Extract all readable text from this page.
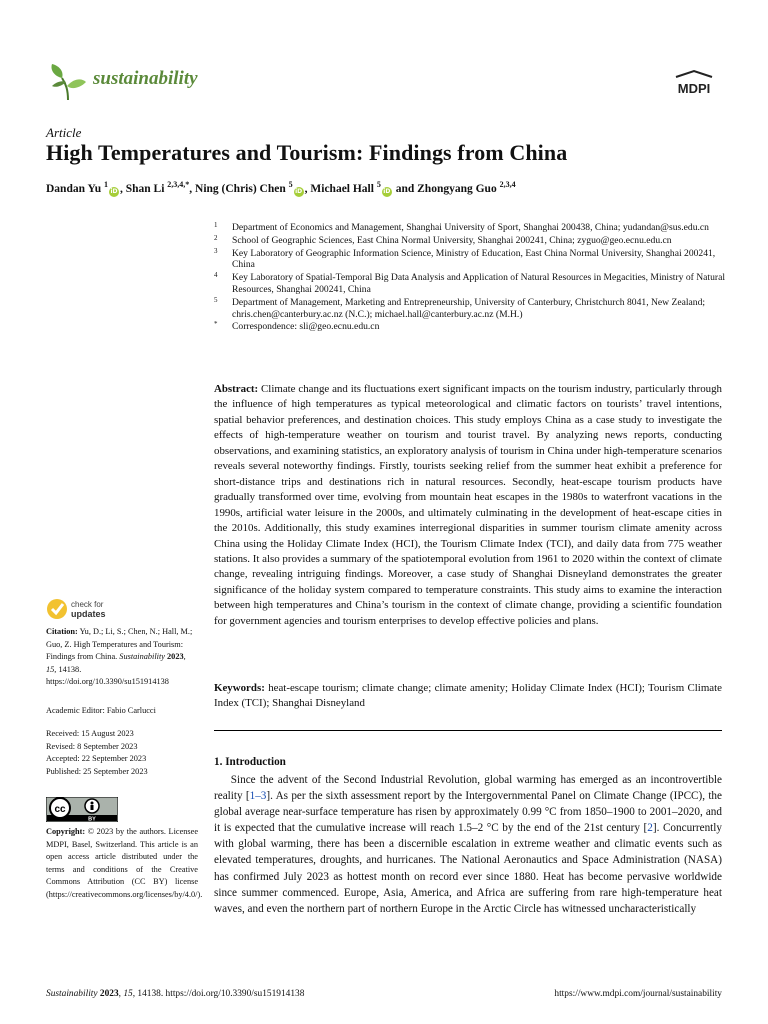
sustainability	MDPI
Article
High Temperatures and Tourism: Findings from China
Dandan Yu $^1$iD , Shan Li $^{2,3,4,*}$, Ning (Chris) Chen $^5$iD , Michael Hall $^5$iD and Zhongyang Guo $^{2,3,4}$
1 Department of Economics and Management, Shanghai University of Sport, Shanghai 200438, China; yudandan@sus.edu.cn
2 School of Geographic Sciences, East China Normal University, Shanghai 200241, China; zyguo@geo.ecnu.edu.cn
3 Key Laboratory of Geographic Information Science, Ministry of Education, East China Normal University, Shanghai 200241, China
4 Key Laboratory of Spatial-Temporal Big Data Analysis and Application of Natural Resources in Megacities, Ministry of Natural Resources, Shanghai 200241, China
5 Department of Management, Marketing and Entrepreneurship, University of Canterbury, Christchurch 8041, New Zealand; chris.chen@canterbury.ac.nz (N.C.); michael.hall@canterbury.ac.nz (M.H.)
* Correspondence: sli@geo.ecnu.edu.cn
Abstract: Climate change and its fluctuations exert significant impacts on the tourism industry, particularly through the influence of high temperatures as typical meteorological and climatic factors on tourists’ travel intentions, spatial behavior preferences, and destination choices. This study employs China as a case study to investigate the effects of high-temperature weather on tourism and tourist travel. By analyzing news reports, conducting observations, and examining statistics, an exploratory analysis of tourism in China under high-temperature scenarios reveals several noteworthy findings. Firstly, tourists seeking relief from the summer heat exhibit a preference for short-distance trips and destinations rich in natural resources. Secondly, heat-escape tourism products have gradually transformed over time, evolving from mountain heat escapes in the 1980s to waterfront vacations in the 1990s, artificial water leisure in the 2000s, and ultimately culminating in the development of heat-escape cities in the 2010s. Additionally, this study examines interregional disparities in summer tourism climate amenity across China using the Holiday Climate Index (HCI), the Tourism Climate Index (TCI), and daily data from 775 weather stations. It also provides a summary of the spatiotemporal evolution from 1961 to 2020 within the context of climate change, revealing intriguing findings. Moreover, a case study of Shanghai Disneyland demonstrates the greater significance of the holiday system compared to temperature constraints. This study aims to examine the interaction between high temperatures and China’s tourism in the context of climate change, providing a scientific foundation for government agencies and tourism enterprises to develop effective policies and plans.
Keywords: heat-escape tourism; climate change; climate amenity; Holiday Climate Index (HCI); Tourism Climate Index (TCI); Shanghai Disneyland
1. Introduction
  Since the advent of the Second Industrial Revolution, global warming has emerged as an incontrovertible reality [1–3]. As per the sixth assessment report by the Intergovernmental Panel on Climate Change (IPCC), the global average near-surface temperature has risen by approximately 0.99 °C from 1850–1900 to 2001–2020, and it is expected that the cumulative increase will reach 1.5–2 °C by the end of the 21st century [2]. Concurrently with global warming, there has been a discernible escalation in extreme weather and climatic events such as elevated temperatures, droughts, and hurricanes. The National Aeronautics and Space Administration (NASA) has confirmed July 2023 as hottest month on record ever since 1880. Heat has become pervasive worldwide since summer commenced. Europe, Asia, America, and Africa are suffering from rare high-temperature heat waves, and even the northern part of northern Europe in the Arctic Circle has witnessed uncharacteristically
check for
updates
Citation: Yu, D.; Li, S.; Chen, N.; Hall, M.; Guo, Z. High Temperatures and Tourism: Findings from China. Sustainability 2023, 15, 14138. https://doi.org/10.3390/su151914138
Academic Editor: Fabio Carlucci
Received: 15 August 2023
Revised: 8 September 2023
Accepted: 22 September 2023
Published: 25 September 2023
cc
BY
Copyright: © 2023 by the authors. Licensee MDPI, Basel, Switzerland. This article is an open access article distributed under the terms and conditions of the Creative Commons Attribution (CC BY) license (https://creativecommons.org/licenses/by/4.0/).
Sustainability 2023, 15, 14138. https://doi.org/10.3390/su151914138	https://www.mdpi.com/journal/sustainability
